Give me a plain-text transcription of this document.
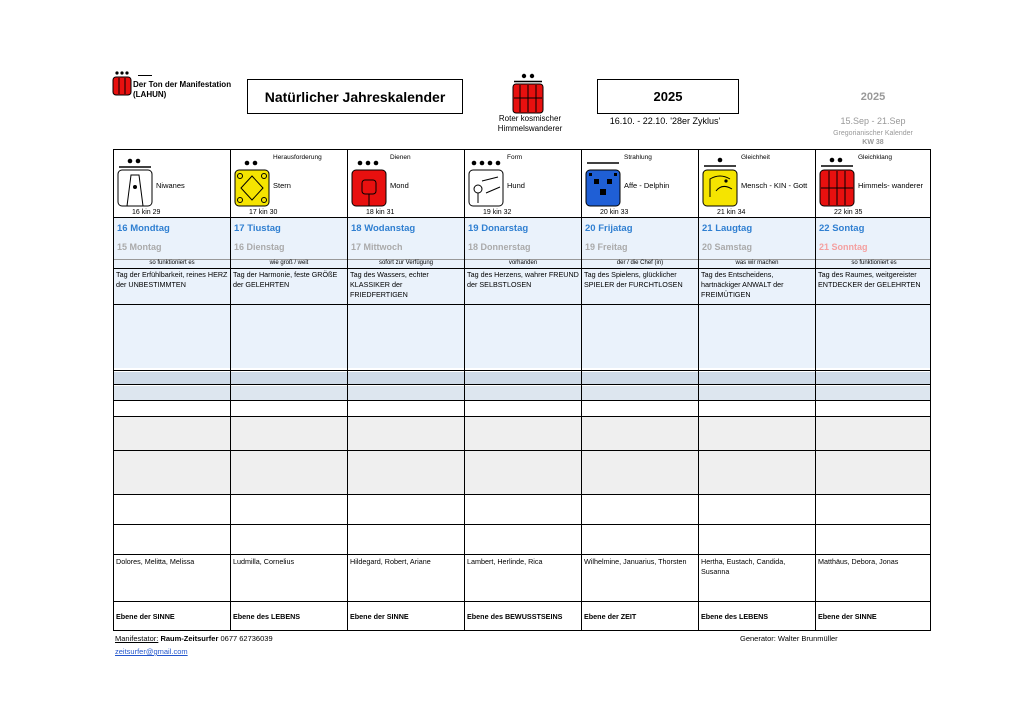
Der Ton der Manifestation (LAHUN)	Natürlicher Jahreskalender
Roter kosmischer Himmelswanderer
2025
16.10. - 22.10. '28er Zyklus'
2025
15.Sep - 21.Sep
Gregorianischer Kalender
KW 38
Niwanes
16 kin 29
16 Mondtag
15 Montag
so funktioniert es
Tag der Erfühlbarkeit, reines HERZ der UNBESTIMMTEN
Dolores, Melitta, Melissa
Ebene der SINNE
Herausforderung
Stern
17 kin 30
17 Tiustag
16 Dienstag
wie groß / weit
Tag der Harmonie, feste GRÖßE der GELEHRTEN
Ludmilla, Cornelius
Ebene des LEBENS
Dienen
Mond
18 kin 31
18 Wodanstag
17 Mittwoch
sofort zur Verfügung
Tag des Wassers, echter KLASSIKER der FRIEDFERTIGEN
Hildegard, Robert, Ariane
Ebene der SINNE
Form
Hund
19 kin 32
19 Donarstag
18 Donnerstag
vorhanden
Tag des Herzens, wahrer FREUND der SELBSTLOSEN
Lambert, Herlinde, Rica
Ebene des BEWUSSTSEINS
Strahlung
Affe - Delphin
20 kin 33
20 Frijatag
19 Freitag
der / die Chef (in)
Tag des Spielens, glücklicher SPIELER der FURCHTLOSEN
Wilhelmine, Januarius, Thorsten
Ebene der ZEIT
Gleichheit
Mensch - KIN - Gott
21 kin 34
21 Laugtag
20 Samstag
was wir machen
Tag des Entscheidens, hartnäckiger ANWALT der FREIMÜTIGEN
Hertha, Eustach, Candida, Susanna
Ebene des LEBENS
Gleichklang
Himmels- wanderer
22 kin 35
22 Sontag
21 Sonntag
so funktioniert es
Tag des Raumes, weitgereister ENTDECKER der GELEHRTEN
Matthäus, Debora, Jonas
Ebene der SINNE
Manifestator: Raum-Zeitsurfer 0677 62736039
zeitsurfer@gmail.com
Generator: Walter Brunmüller
